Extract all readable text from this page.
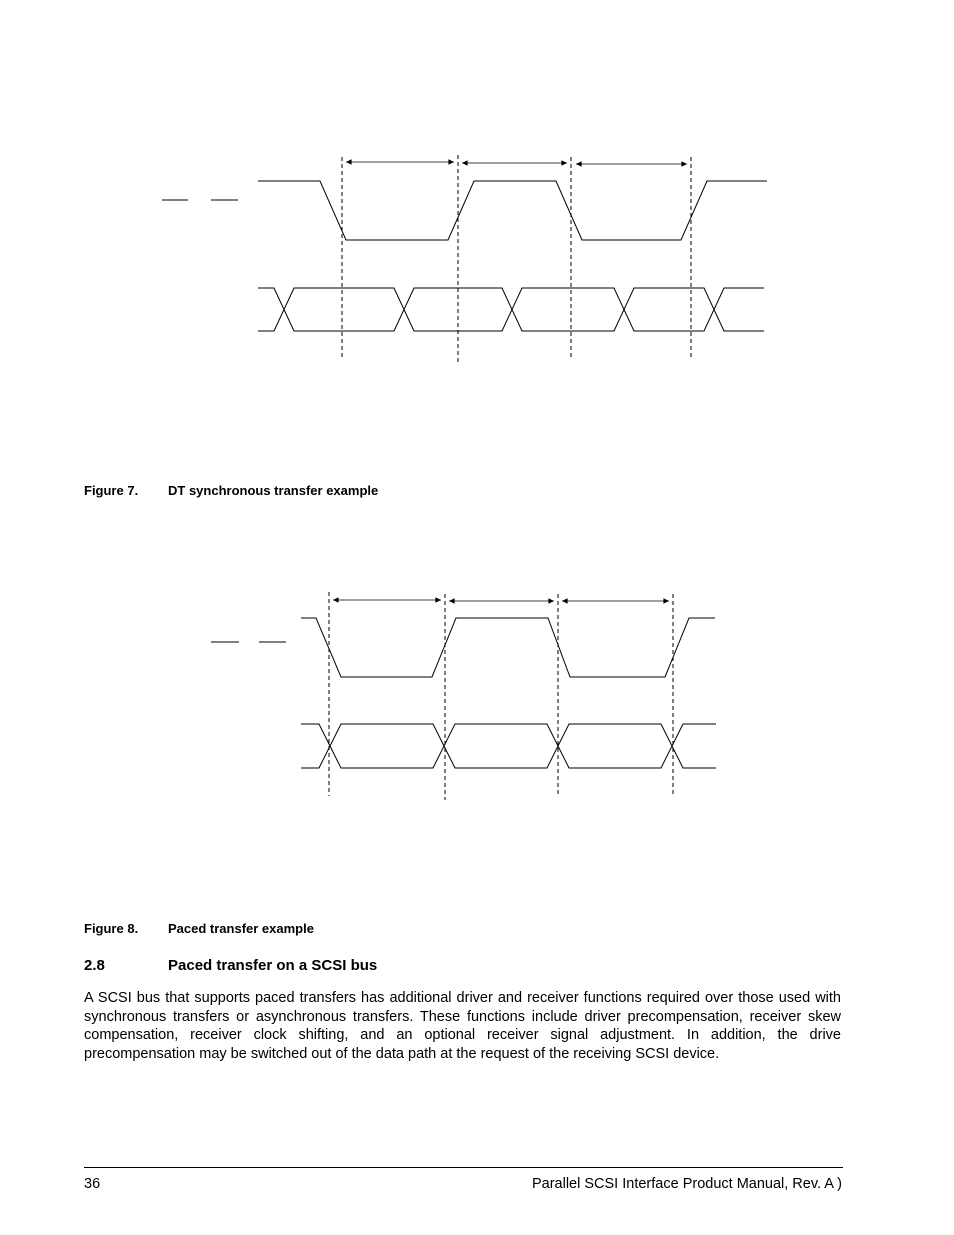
Figure 7. DT synchronous transfer example
Figure 8. Paced transfer example
2.8	Paced transfer on a SCSI bus

A SCSI bus that supports paced transfers has additional driver and receiver functions required over those used with synchronous transfers or asynchronous transfers. These functions include driver precompensation, receiver skew compensation, receiver clock shifting, and an optional receiver signal adjustment. In addition, the drive precompensation may be switched out of the data path at the request of the receiving SCSI device.

36	Parallel SCSI Interface Product Manual, Rev. A )
